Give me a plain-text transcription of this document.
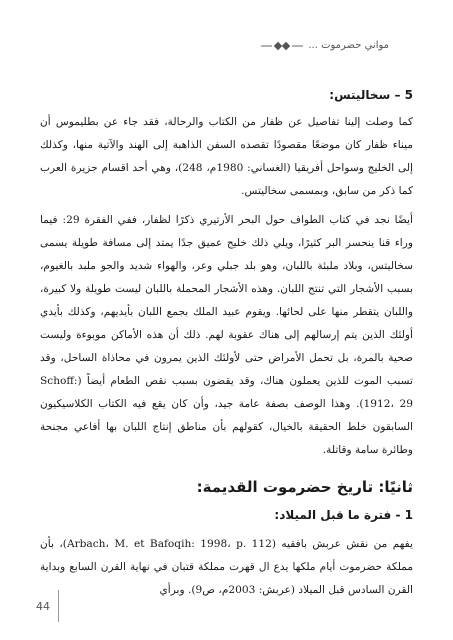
مواني حضرموت ...

5 – سخاليتس:

كما وصلت إلينا تفاصيل عن ظفار من الكتاب والرحالة، فقد جاء عن بطليموس أن ميناء ظفار كان موضعًا مقصودًا تقصده السفن الذاهبة إلى الهند والآتية منها، وكذلك إلى الخليج وسواحل أفريقيا (الغساني: 1980م، 248)، وهي أحد اقسام جزيرة العرب كما ذكر من سابق، وبمسمى سخاليتس.

أيضًا نجد في كتاب الطواف حول البحر الأرتيري ذكرًا لظفار، ففي الفقرة 29: فيما وراء قنا ينحسر البر كثيرًا، ويلي ذلك خليج عميق جدًا يمتد إلى مسافة طويلة يسمى سخاليتس، وبلاد ملبئة باللبان، وهو بلد جبلي وعر، والهواء شديد والجو ملبد بالغيوم، بسبب الأشجار التي تنتج اللبان. وهذه الأشجار المحملة باللبان ليست طويلة ولا كبيرة، واللبان يتقطر منها على لحائها. ويقوم عبيد الملك بجمع اللبان بأيديهم، وكذلك بأيدي أولئك الذين يتم إرسالهم إلى هناك عقوبة لهم. ذلك أن هذه الأماكن موبوءة وليست صحية بالمرة، بل تحمل الأمراض حتى لأولئك الذين يمرون في محاذاة الساحل، وقد تسبب الموت للذين يعملون هناك، وقد يقضون بسبب نقص الطعام أيضاً (Schoff: 1912، 29). وهذا الوصف بصفة عامة جيد، وأن كان يقع فيه الكتاب الكلاسيكيون السابقون خلط الحقيقة بالخيال، كقولهم بأن مناطق إنتاج اللبان بها أفاعي مجنحة وطائرة سامة وقاتلة.

ثانيًا: تاريخ حضرموت القديمة:

1 - فترة ما قبل الميلاد:

يفهم من نقش عربش بافقيه (Arbach، M. et Bafoqih: 1998، p. 112)، بأن مملكة حضرموت أيام ملكها يدع ال قهرت مملكة قتبان في نهاية القرن السابع وبداية القرن السادس قبل الميلاد (عربش: 2003م، ص9). وبرأي

44
